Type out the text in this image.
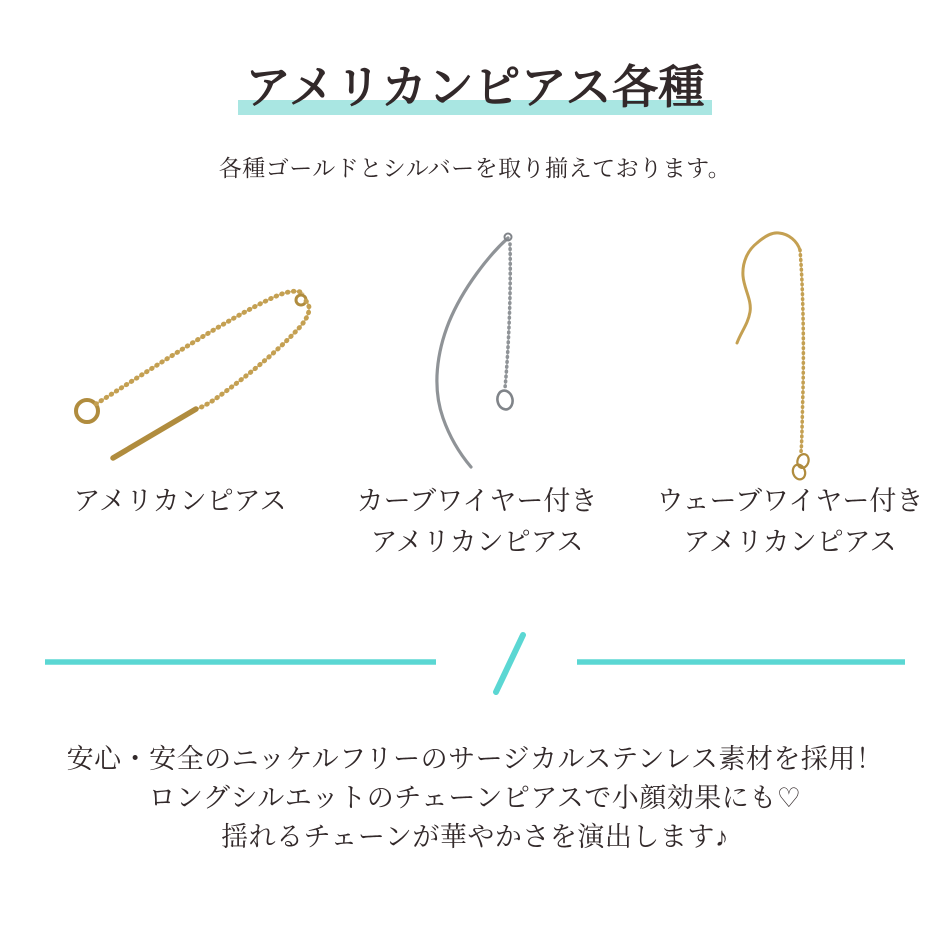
アメリカンピアス各種
各種ゴールドとシルバーを取り揃えております。
アメリカンピアス	カーブワイヤー付き
アメリカンピアス
ウェーブワイヤー付き
アメリカンピアス
安心・安全のニッケルフリーのサージカルステンレス素材を採用！
ロングシルエットのチェーンピアスで小顔効果にも♡
揺れるチェーンが華やかさを演出します♪
